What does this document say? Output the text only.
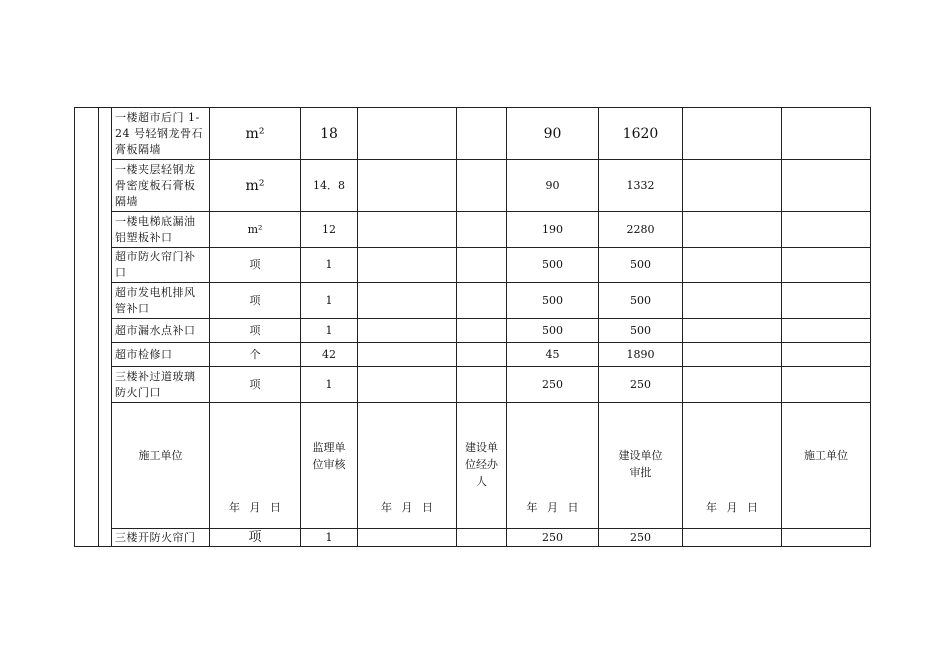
		一楼超市后门 1-24 号轻钢龙骨石膏板隔墙	m²	18			90	1620		
		一楼夹层轻钢龙骨密度板石膏板隔墙	m²	14．8			90	1332		
		一楼电梯底漏油铝塑板补口	m²	12			190	2280		
		超市防火帘门补口	项	1			500	500		
		超市发电机排风管补口	项	1			500	500		
		超市漏水点补口	项	1			500	500		
		超市检修口	个	42			45	1890		
		三楼补过道玻璃防火门口	项	1			250	250		

		施工单位	年 月 日	监理单位审核	年 月 日	建设单位经办人	年 月 日	建设单位审批	年 月 日	施工单位

		三楼开防火帘门	项	1			250	250		
